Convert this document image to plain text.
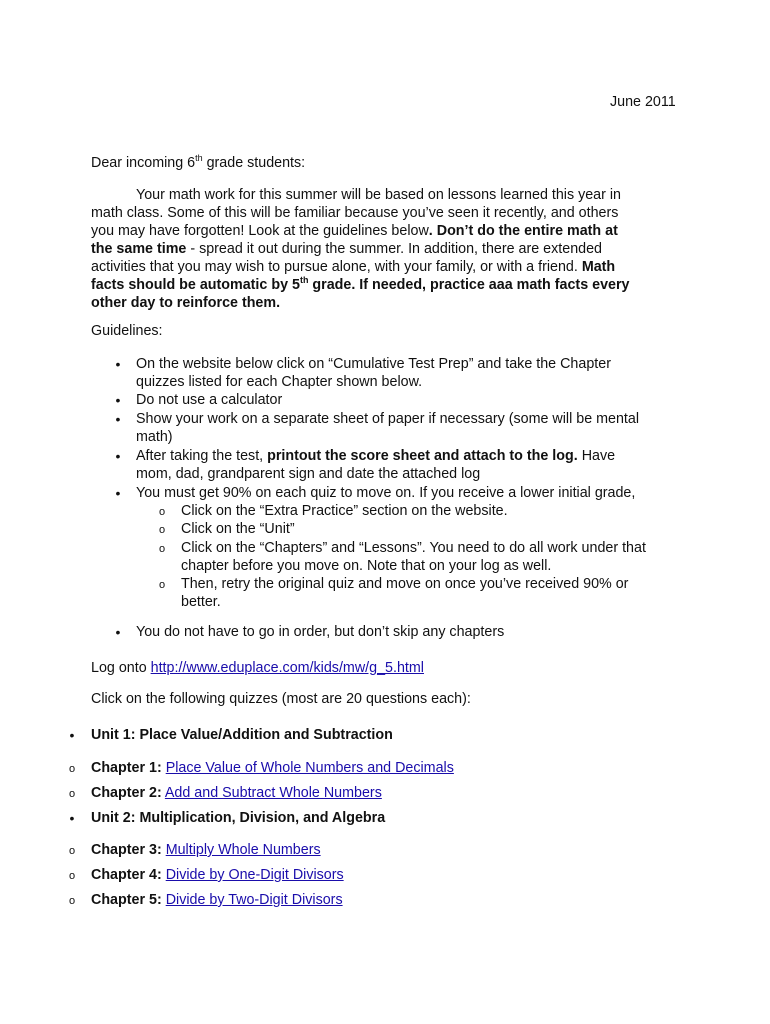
June 2011
Dear incoming 6th grade students:
Your math work for this summer will be based on lessons learned this year in
math class. Some of this will be familiar because you’ve seen it recently, and others
you may have forgotten! Look at the guidelines below. Don’t do the entire math at
the same time - spread it out during the summer. In addition, there are extended
activities that you may wish to pursue alone, with your family, or with a friend. Math
facts should be automatic by 5th grade. If needed, practice aaa math facts every
other day to reinforce them.
Guidelines:
•	On the website below click on “Cumulative Test Prep” and take the Chapter
quizzes listed for each Chapter shown below.
•	Do not use a calculator
•	Show your work on a separate sheet of paper if necessary (some will be mental
math)
•	After taking the test, printout the score sheet and attach to the log. Have
mom, dad, grandparent sign and date the attached log
•	You must get 90% on each quiz to move on. If you receive a lower initial grade,
o	Click on the “Extra Practice” section on the website.
o	Click on the “Unit”
o	Click on the “Chapters” and “Lessons”. You need to do all work under that
chapter before you move on. Note that on your log as well.
o	Then, retry the original quiz and move on once you’ve received 90% or
better.
•	You do not have to go in order, but don’t skip any chapters
Log onto http://www.eduplace.com/kids/mw/g_5.html
Click on the following quizzes (most are 20 questions each):
•	Unit 1: Place Value/Addition and Subtraction
o	Chapter 1: Place Value of Whole Numbers and Decimals
o	Chapter 2: Add and Subtract Whole Numbers
•	Unit 2: Multiplication, Division, and Algebra
o	Chapter 3: Multiply Whole Numbers
o	Chapter 4: Divide by One-Digit Divisors
o	Chapter 5: Divide by Two-Digit Divisors
